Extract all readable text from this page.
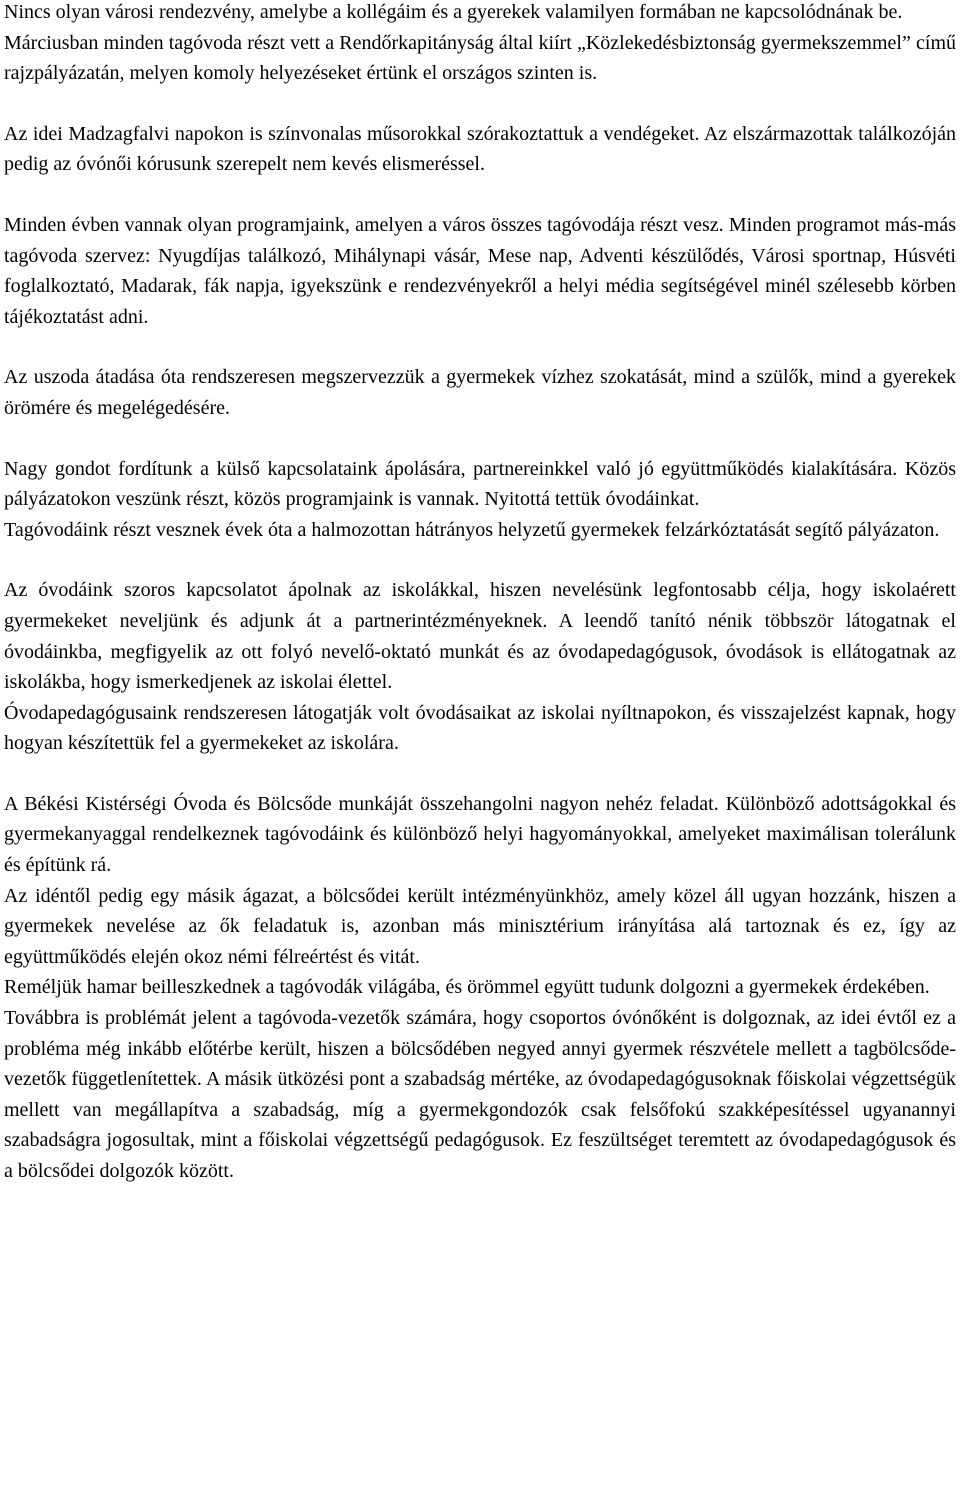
Nincs olyan városi rendezvény, amelybe a kollégáim és a gyerekek valamilyen formában ne kapcsolódnának be.

Márciusban minden tagóvoda részt vett a Rendőrkapitányság által kiírt „Közlekedésbiztonság gyermekszemmel” című rajzpályázatán, melyen komoly helyezéseket értünk el országos szinten is.

Az idei Madzagfalvi napokon is színvonalas műsorokkal szórakoztattuk a vendégeket. Az elszármazottak találkozóján pedig az óvónői kórusunk szerepelt nem kevés elismeréssel.

Minden évben vannak olyan programjaink, amelyen a város összes tagóvodája részt vesz. Minden programot más-más tagóvoda szervez: Nyugdíjas találkozó, Mihálynapi vásár, Mese nap, Adventi készülődés, Városi sportnap, Húsvéti foglalkoztató, Madarak, fák napja, igyekszünk e rendezvényekről a helyi média segítségével minél szélesebb körben tájékoztatást adni.

Az uszoda átadása óta rendszeresen megszervezzük a gyermekek vízhez szokatását, mind a szülők, mind a gyerekek örömére és megelégedésére.

Nagy gondot fordítunk a külső kapcsolataink ápolására, partnereinkkel való jó együttműködés kialakítására. Közös pályázatokon veszünk részt, közös programjaink is vannak. Nyitottá tettük óvodáinkat.

Tagóvodáink részt vesznek évek óta a halmozottan hátrányos helyzetű gyermekek felzárkóztatását segítő pályázaton.

Az óvodáink szoros kapcsolatot ápolnak az iskolákkal, hiszen nevelésünk legfontosabb célja, hogy iskolaérett gyermekeket neveljünk és adjunk át a partnerintézményeknek. A leendő tanító nénik többször látogatnak el óvodáinkba, megfigyelik az ott folyó nevelő-oktató munkát és az óvodapedagógusok, óvodások is ellátogatnak az iskolákba, hogy ismerkedjenek az iskolai élettel.

Óvodapedagógusaink rendszeresen látogatják volt óvodásaikat az iskolai nyíltnapokon, és visszajelzést kapnak, hogy hogyan készítettük fel a gyermekeket az iskolára.

A Békési Kistérségi Óvoda és Bölcsőde munkáját összehangolni nagyon nehéz feladat. Különböző adottságokkal és gyermekanyaggal rendelkeznek tagóvodáink és különböző helyi hagyományokkal, amelyeket maximálisan tolerálunk és építünk rá.

Az idéntől pedig egy másik ágazat, a bölcsődei került intézményünkhöz, amely közel áll ugyan hozzánk, hiszen a gyermekek nevelése az ők feladatuk is, azonban más minisztérium irányítása alá tartoznak és ez, így az együttműködés elején okoz némi félreértést és vitát.

Reméljük hamar beilleszkednek a tagóvodák világába, és örömmel együtt tudunk dolgozni a gyermekek érdekében.

Továbbra is problémát jelent a tagóvoda-vezetők számára, hogy csoportos óvónőként is dolgoznak, az idei évtől ez a probléma még inkább előtérbe került, hiszen a bölcsődében negyed annyi gyermek részvétele mellett a tagbölcsőde-vezetők függetlenítettek. A másik ütközési pont a szabadság mértéke, az óvodapedagógusoknak főiskolai végzettségük mellett van megállapítva a szabadság, míg a gyermekgondozók csak felsőfokú szakképesítéssel ugyanannyi szabadságra jogosultak, mint a főiskolai végzettségű pedagógusok. Ez feszültséget teremtett az óvodapedagógusok és a bölcsődei dolgozók között.
